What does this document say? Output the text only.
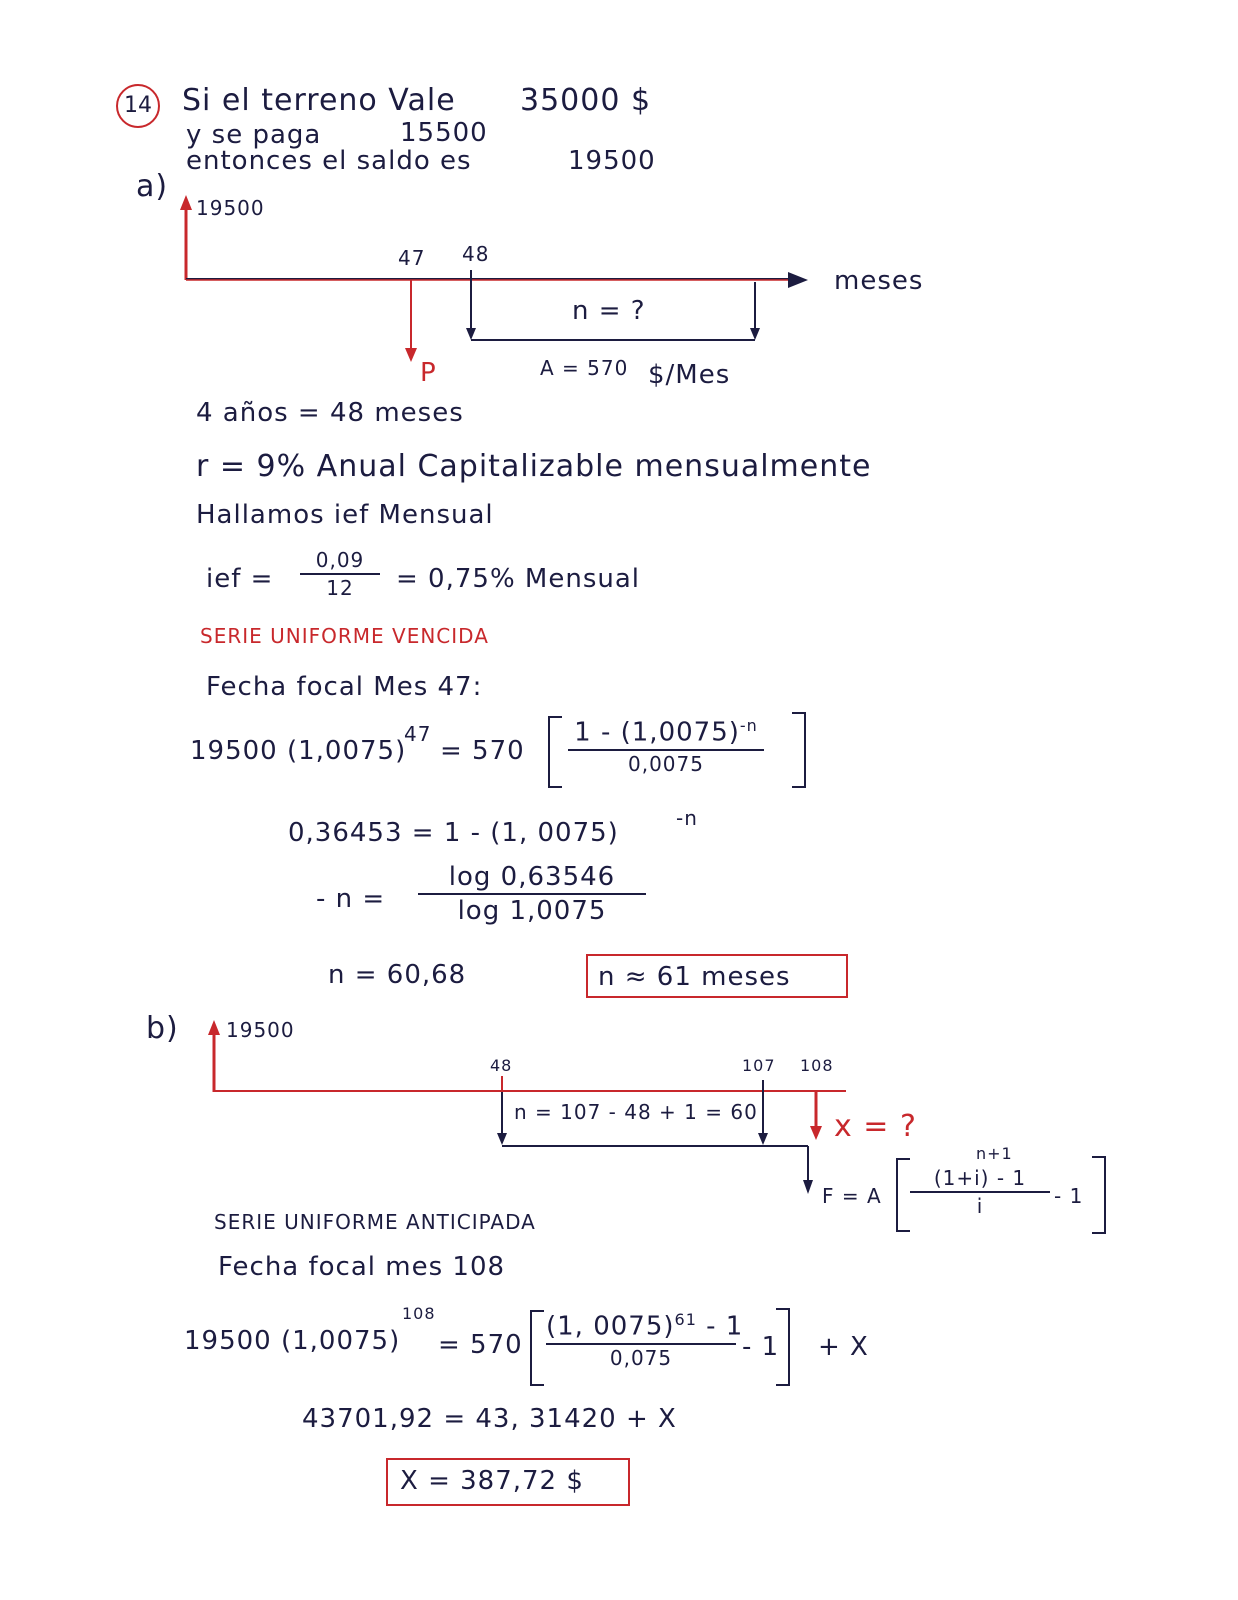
14 Si el terreno Vale 35000 $
y se paga	15500
entonces el saldo es	19500
a)
19500
47 48
meses
n = ?
P	A = 570 $/Mes
4 años = 48 meses
r = 9% Anual Capitalizable mensualmente
Hallamos ief Mensual
ief =
0,09
12	= 0,75% Mensual
SERIE UNIFORME VENCIDA
Fecha focal Mes 47:
19500 (1,0075)
47
= 570
$1 - (1,0075)^{-n}$
0,0075
0,36453 = 1 - (1, 0075)	-n
- n =
log 0,63546
log 1,0075
n = 60,68	n ≈ 61 meses
b) 19500
48	107 108
n = 107 - 48 + 1 = 60	x = ?
F = A
n+1
(1+i) - 1
i	- 1
SERIE UNIFORME ANTICIPADA
Fecha focal mes 108
19500 (1,0075)
108
= 570
(1, 0075)$^{61}$ - 1
0,075	- 1 + X
43701,92 = 43, 31420 + X
X = 387,72 $
